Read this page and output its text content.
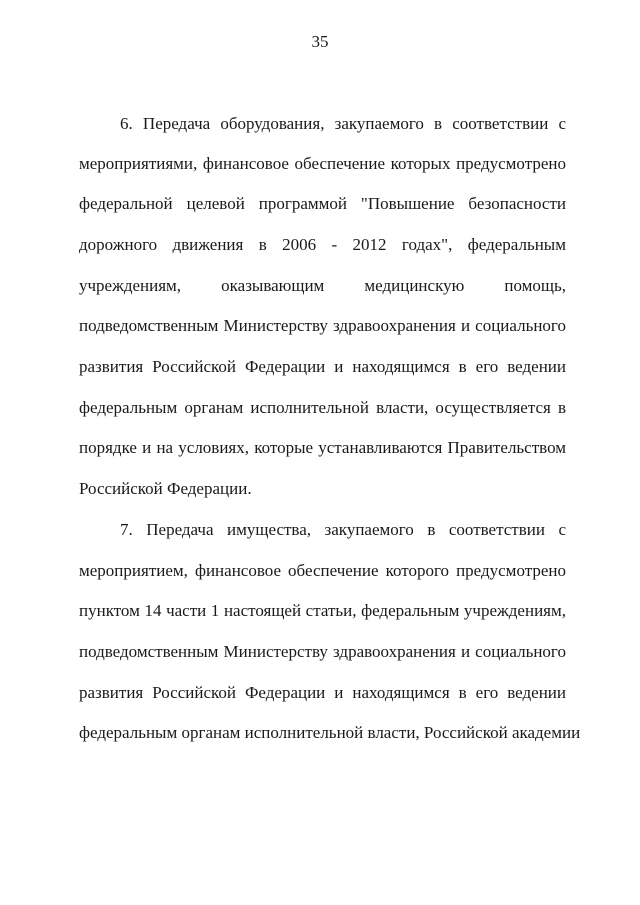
35
6. Передача оборудования, закупаемого в соответствии с
мероприятиями, финансовое обеспечение которых предусмотрено
федеральной целевой программой "Повышение безопасности
дорожного движения в 2006 - 2012 годах", федеральным
учреждениям, оказывающим медицинскую помощь,
подведомственным Министерству здравоохранения и социального
развития Российской Федерации и находящимся в его ведении
федеральным органам исполнительной власти, осуществляется в
порядке и на условиях, которые устанавливаются Правительством
Российской Федерации.
7. Передача имущества, закупаемого в соответствии с
мероприятием, финансовое обеспечение которого предусмотрено
пунктом 14 части 1 настоящей статьи, федеральным учреждениям,
подведомственным Министерству здравоохранения и социального
развития Российской Федерации и находящимся в его ведении
федеральным органам исполнительной власти, Российской академии
